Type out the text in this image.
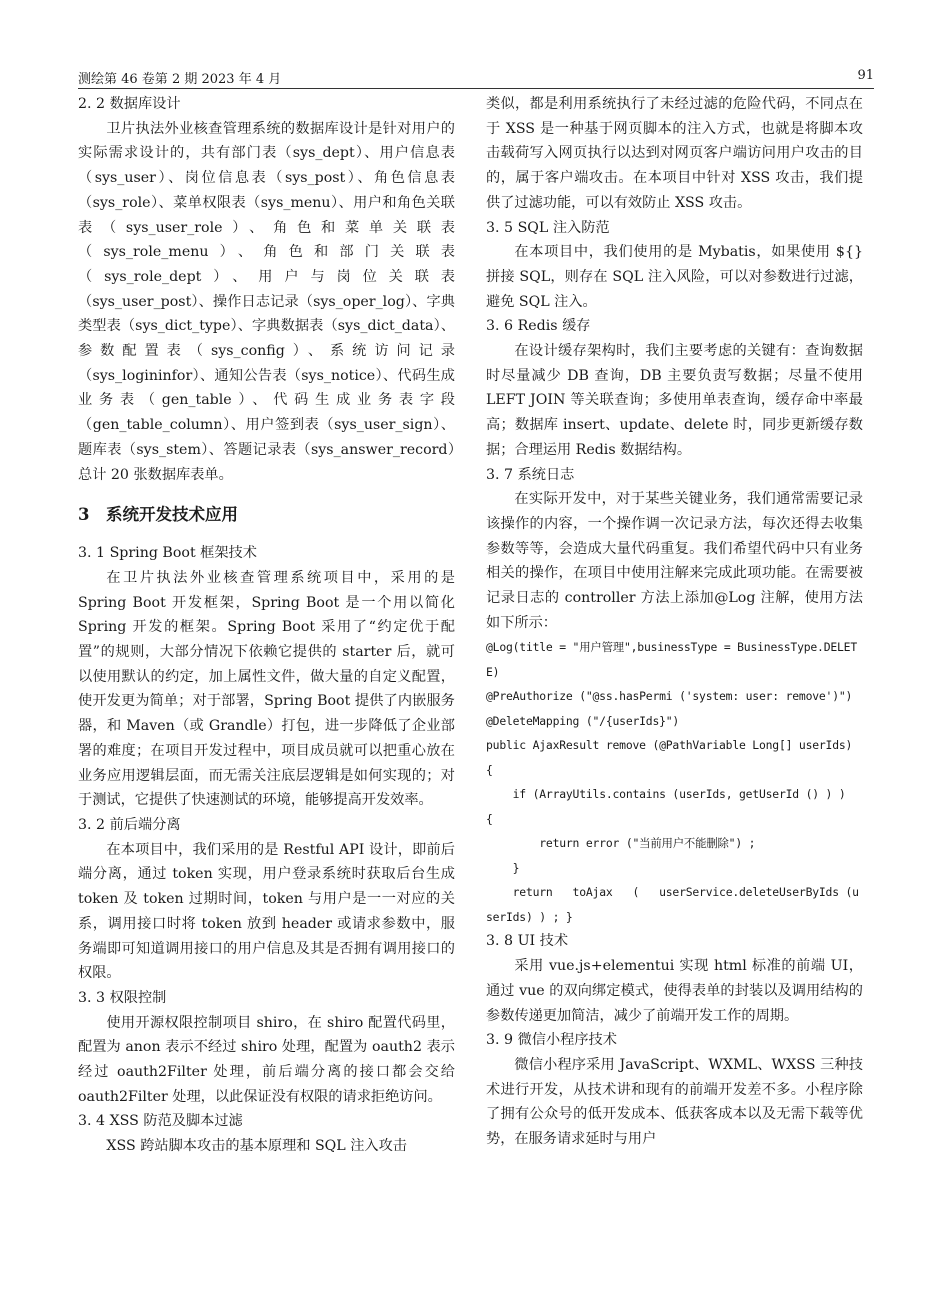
测绘第 46 卷第 2 期 2023 年 4 月	91
2. 2 数据库设计

卫片执法外业核查管理系统的数据库设计是针对用户的实际需求设计的，共有部门表（sys_dept）、用户信息表（sys_user）、岗位信息表（sys_post）、角色信息表（sys_role）、菜单权限表（sys_menu）、用户和角色关联表（sys_user_role）、角色和菜单关联表（sys_role_menu）、角色和部门关联表（sys_role_dept）、用户与岗位关联表（sys_user_post）、操作日志记录（sys_oper_log）、字典类型表（sys_dict_type）、字典数据表（sys_dict_data）、参数配置表（sys_config）、系统访问记录（sys_logininfor）、通知公告表（sys_notice）、代码生成业务表（gen_table）、代码生成业务表字段（gen_table_column）、用户签到表（sys_user_sign）、题库表（sys_stem）、答题记录表（sys_answer_record）总计 20 张数据库表单。

3 系统开发技术应用
3. 1 Spring Boot 框架技术

在卫片执法外业核查管理系统项目中，采用的是 Spring Boot 开发框架，Spring Boot 是一个用以简化 Spring 开发的框架。Spring Boot 采用了“约定优于配置”的规则，大部分情况下依赖它提供的 starter 后，就可以使用默认的约定，加上属性文件，做大量的自定义配置，使开发更为简单；对于部署，Spring Boot 提供了内嵌服务器，和 Maven（或 Grandle）打包，进一步降低了企业部署的难度；在项目开发过程中，项目成员就可以把重心放在业务应用逻辑层面，而无需关注底层逻辑是如何实现的；对于测试，它提供了快速测试的环境，能够提高开发效率。

3. 2 前后端分离

在本项目中，我们采用的是 Restful API 设计，即前后端分离，通过 token 实现，用户登录系统时获取后台生成 token 及 token 过期时间，token 与用户是一一对应的关系，调用接口时将 token 放到 header 或请求参数中，服务端即可知道调用接口的用户信息及其是否拥有调用接口的权限。

3. 3 权限控制

使用开源权限控制项目 shiro，在 shiro 配置代码里，配置为 anon 表示不经过 shiro 处理，配置为 oauth2 表示经过 oauth2Filter 处理，前后端分离的接口都会交给 oauth2Filter 处理，以此保证没有权限的请求拒绝访问。

3. 4 XSS 防范及脚本过滤

XSS 跨站脚本攻击的基本原理和 SQL 注入攻击

类似，都是利用系统执行了未经过滤的危险代码，不同点在于 XSS 是一种基于网页脚本的注入方式，也就是将脚本攻击载荷写入网页执行以达到对网页客户端访问用户攻击的目的，属于客户端攻击。在本项目中针对 XSS 攻击，我们提供了过滤功能，可以有效防止 XSS 攻击。

3. 5 SQL 注入防范

在本项目中，我们使用的是 Mybatis，如果使用 ${}拼接 SQL，则存在 SQL 注入风险，可以对参数进行过滤，避免 SQL 注入。

3. 6 Redis 缓存

在设计缓存架构时，我们主要考虑的关键有：查询数据时尽量减少 DB 查询，DB 主要负责写数据；尽量不使用 LEFT JOIN 等关联查询；多使用单表查询，缓存命中率最高；数据库 insert、update、delete 时，同步更新缓存数据；合理运用 Redis 数据结构。

3. 7 系统日志

在实际开发中，对于某些关键业务，我们通常需要记录该操作的内容，一个操作调一次记录方法，每次还得去收集参数等等，会造成大量代码重复。我们希望代码中只有业务相关的操作，在项目中使用注解来完成此项功能。在需要被记录日志的 controller 方法上添加@Log 注解，使用方法如下所示：

@Log(title = "用户管理",businessType = BusinessType.DELETE)
@PreAuthorize ("@ss.hasPermi ('system: user: remove')")
@DeleteMapping ("/{userIds}")
public AjaxResult remove (@PathVariable Long[] userIds)
{
if (ArrayUtils.contains (userIds, getUserId () ) )
{
return error ("当前用户不能删除") ;
}
return   toAjax   (   userService.deleteUserByIds (userIds) ) ; }
3. 8 UI 技术

采用 vue.js+elementui 实现 html 标准的前端 UI，通过 vue 的双向绑定模式，使得表单的封装以及调用结构的参数传递更加简洁，减少了前端开发工作的周期。

3. 9 微信小程序技术

微信小程序采用 JavaScript、WXML、WXSS 三种技术进行开发，从技术讲和现有的前端开发差不多。小程序除了拥有公众号的低开发成本、低获客成本以及无需下载等优势，在服务请求延时与用户
